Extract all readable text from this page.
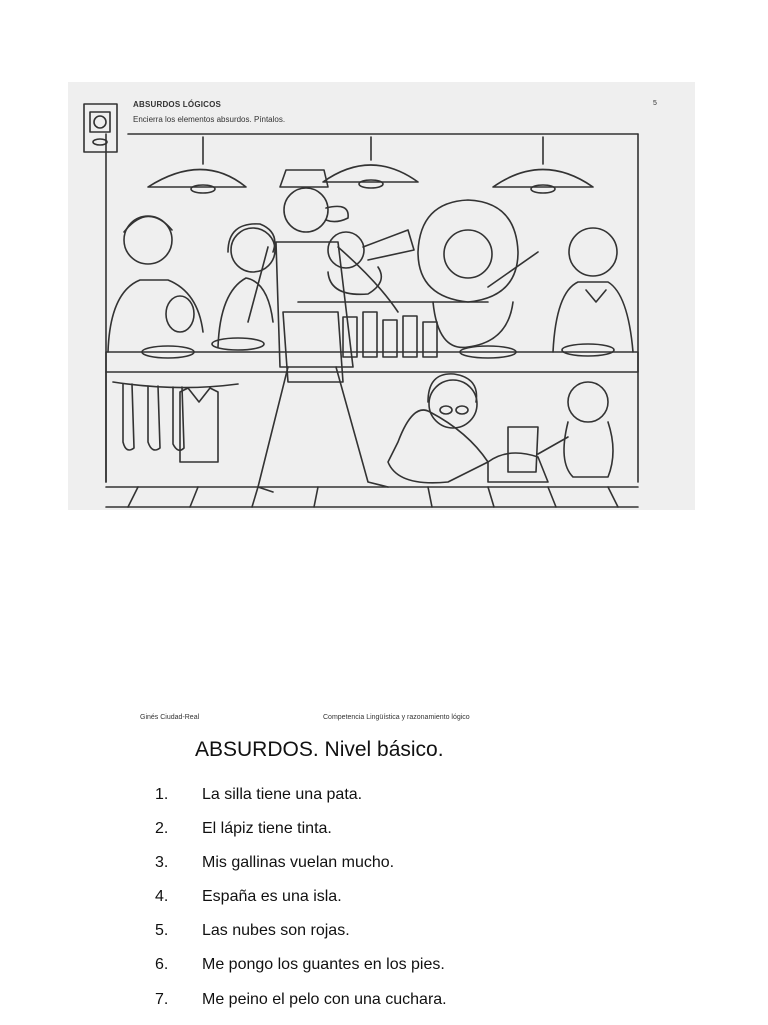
ABSURDOS LÓGICOS
Encierra los elementos absurdos. Píntalos.
5
Ginés Ciudad-Real	Competencia Lingüística y razonamiento lógico
ABSURDOS. Nivel básico.
1.	La silla tiene una pata.
2.	El lápiz tiene tinta.
3.	Mis gallinas vuelan mucho.
4.	España es una isla.
5.	Las nubes son rojas.
6.	Me pongo los guantes en los pies.
7.	Me peino el pelo con una cuchara.
